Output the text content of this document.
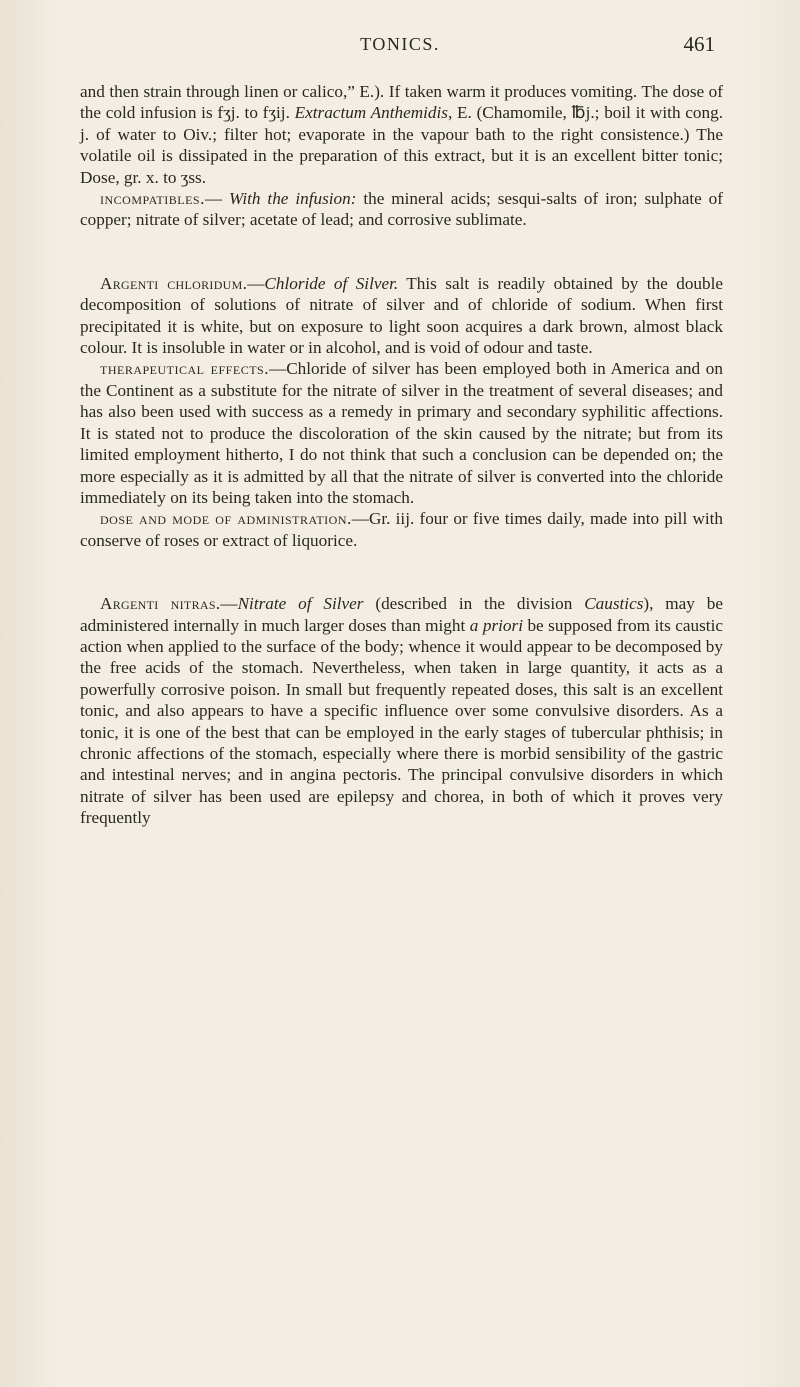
TONICS.	461

and then strain through linen or calico,” E.). If taken warm it produces vomiting. The dose of the cold infusion is fʒj. to fʒij. Extractum Anthemidis, E. (Chamomile, ℔j.; boil it with cong. j. of water to Oiv.; filter hot; evaporate in the vapour bath to the right consistence.) The volatile oil is dissipated in the preparation of this extract, but it is an excellent bitter tonic; Dose, gr. x. to ʒss.

incompatibles.— With the infusion: the mineral acids; sesqui-salts of iron; sulphate of copper; nitrate of silver; acetate of lead; and corrosive sublimate.

Argenti chloridum.—Chloride of Silver. This salt is readily obtained by the double decomposition of solutions of nitrate of silver and of chloride of sodium. When first precipitated it is white, but on exposure to light soon acquires a dark brown, almost black colour. It is insoluble in water or in alcohol, and is void of odour and taste.

therapeutical effects.—Chloride of silver has been employed both in America and on the Continent as a substitute for the nitrate of silver in the treatment of several diseases; and has also been used with success as a remedy in primary and secondary syphilitic affections. It is stated not to produce the discoloration of the skin caused by the nitrate; but from its limited employment hitherto, I do not think that such a conclusion can be depended on; the more especially as it is admitted by all that the nitrate of silver is converted into the chloride immediately on its being taken into the stomach.

dose and mode of administration.—Gr. iij. four or five times daily, made into pill with conserve of roses or extract of liquorice.

Argenti nitras.—Nitrate of Silver (described in the division Caustics), may be administered internally in much larger doses than might a priori be supposed from its caustic action when applied to the surface of the body; whence it would appear to be decomposed by the free acids of the stomach. Nevertheless, when taken in large quantity, it acts as a powerfully corrosive poison. In small but frequently repeated doses, this salt is an excellent tonic, and also appears to have a specific influence over some convulsive disorders. As a tonic, it is one of the best that can be employed in the early stages of tubercular phthisis; in chronic affections of the stomach, especially where there is morbid sensibility of the gastric and intestinal nerves; and in angina pectoris. The principal convulsive disorders in which nitrate of silver has been used are epilepsy and chorea, in both of which it proves very frequently
